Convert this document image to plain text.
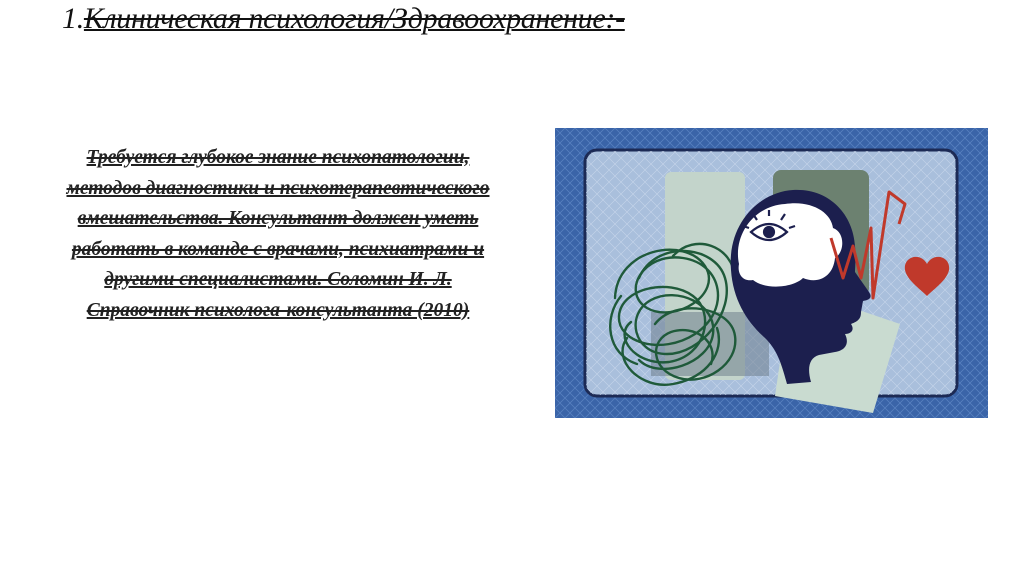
1.Клиническая психология/Здравоохранение:-
Требуется глубокое знание психопатологии, методов диагностики и психотерапевтического вмешательства. Консультант должен уметь работать в команде с врачами, психиатрами и другими специалистами. Соломин И. Л. Справочник психолога-консультанта (2010)
